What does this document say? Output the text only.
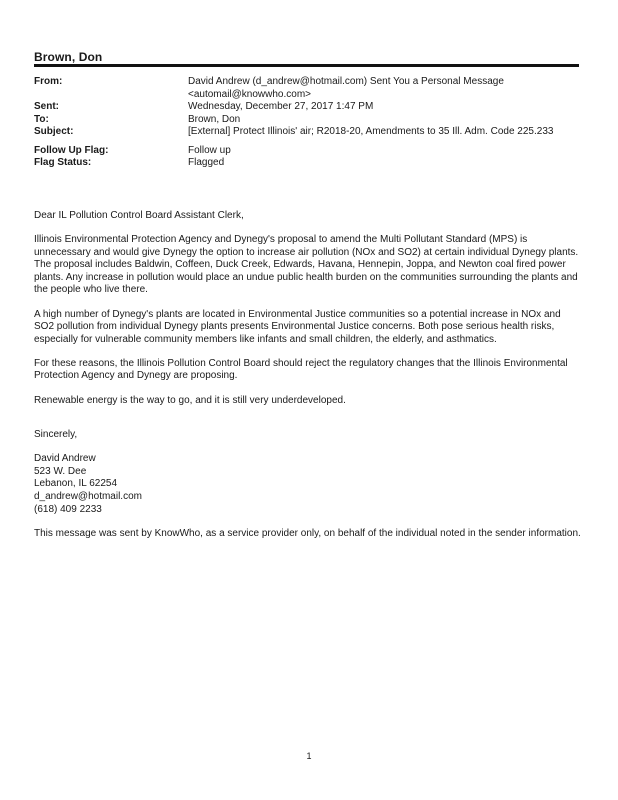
Brown, Don
From:	David Andrew (d_andrew@hotmail.com) Sent You a Personal Message
<automail@knowwho.com>
Sent:	Wednesday, December 27, 2017 1:47 PM
To:	Brown, Don
Subject:	[External] Protect Illinois' air; R2018-20, Amendments to 35 Ill. Adm. Code 225.233
Follow Up Flag:	Follow up
Flag Status:	Flagged

Dear IL Pollution Control Board Assistant Clerk,

Illinois Environmental Protection Agency and Dynegy's proposal to amend the Multi Pollutant Standard (MPS) is unnecessary and would give Dynegy the option to increase air pollution (NOx and SO2) at certain individual Dynegy plants. The proposal includes Baldwin, Coffeen, Duck Creek, Edwards, Havana, Hennepin, Joppa, and Newton coal fired power plants. Any increase in pollution would place an undue public health burden on the communities surrounding the plants and the people who live there.

A high number of Dynegy's plants are located in Environmental Justice communities so a potential increase in NOx and SO2 pollution from individual Dynegy plants presents Environmental Justice concerns. Both pose serious health risks, especially for vulnerable community members like infants and small children, the elderly, and asthmatics.

For these reasons, the Illinois Pollution Control Board should reject the regulatory changes that the Illinois Environmental Protection Agency and Dynegy are proposing.

Renewable energy is the way to go, and it is still very underdeveloped.

Sincerely,

David Andrew
523 W. Dee
Lebanon, IL 62254
d_andrew@hotmail.com
(618) 409 2233

This message was sent by KnowWho, as a service provider only, on behalf of the individual noted in the sender information.

1
